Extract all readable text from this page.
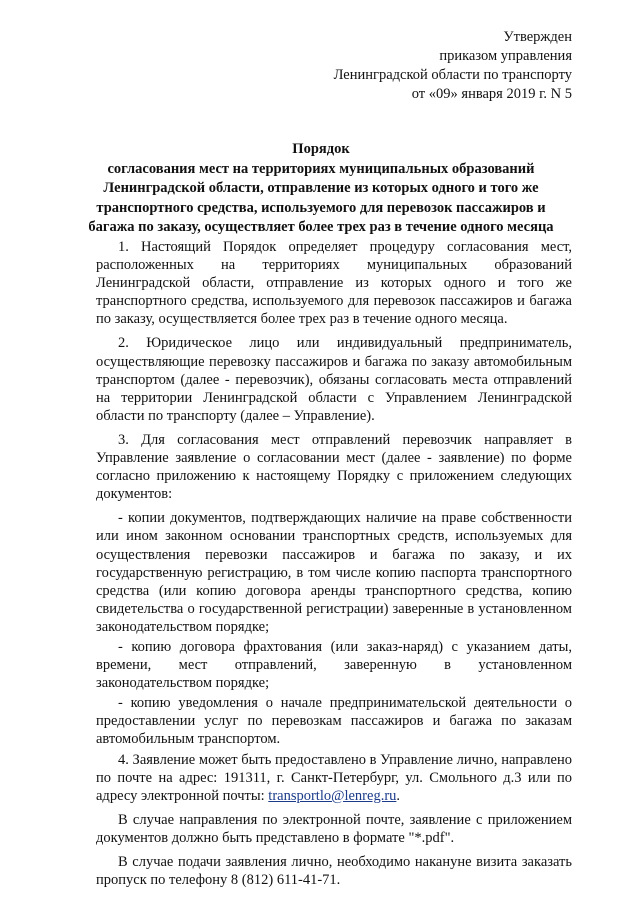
Утвержден
приказом управления
Ленинградской области по транспорту
от «09» января 2019 г. N 5
Порядок
согласования мест на территориях муниципальных образований
Ленинградской области, отправление из которых одного и того же
транспортного средства, используемого для перевозок пассажиров и
багажа по заказу, осуществляет более трех раз в течение одного месяца

1. Настоящий Порядок определяет процедуру согласования мест, расположенных на территориях муниципальных образований Ленинградской области, отправление из которых одного и того же транспортного средства, используемого для перевозок пассажиров и багажа по заказу, осуществляется более трех раз в течение одного месяца.

2. Юридическое лицо или индивидуальный предприниматель, осуществляющие перевозку пассажиров и багажа по заказу автомобильным транспортом (далее - перевозчик), обязаны согласовать места отправлений на территории Ленинградской области с Управлением Ленинградской области по транспорту (далее – Управление).

3. Для согласования мест отправлений перевозчик направляет в Управление заявление о согласовании мест (далее - заявление) по форме согласно приложению к настоящему Порядку с приложением следующих документов:

- копии документов, подтверждающих наличие на праве собственности или ином законном основании транспортных средств, используемых для осуществления перевозки пассажиров и багажа по заказу, и их государственную регистрацию, в том числе копию паспорта транспортного средства (или копию договора аренды транспортного средства, копию свидетельства о государственной регистрации) заверенные в установленном законодательством порядке;

- копию договора фрахтования (или заказ-наряд) с указанием даты, времени, мест отправлений, заверенную в установленном законодательством порядке;

- копию уведомления о начале предпринимательской деятельности о предоставлении услуг по перевозкам пассажиров и багажа по заказам автомобильным транспортом.

4. Заявление может быть предоставлено в Управление лично, направлено по почте на адрес: 191311, г. Санкт-Петербург, ул. Смольного д.3 или по адресу электронной почты: transportlo@lenreg.ru.

В случае направления по электронной почте, заявление с приложением документов должно быть представлено в формате "*.pdf".

В случае подачи заявления лично, необходимо накануне визита заказать пропуск по телефону 8 (812) 611-41-71.
